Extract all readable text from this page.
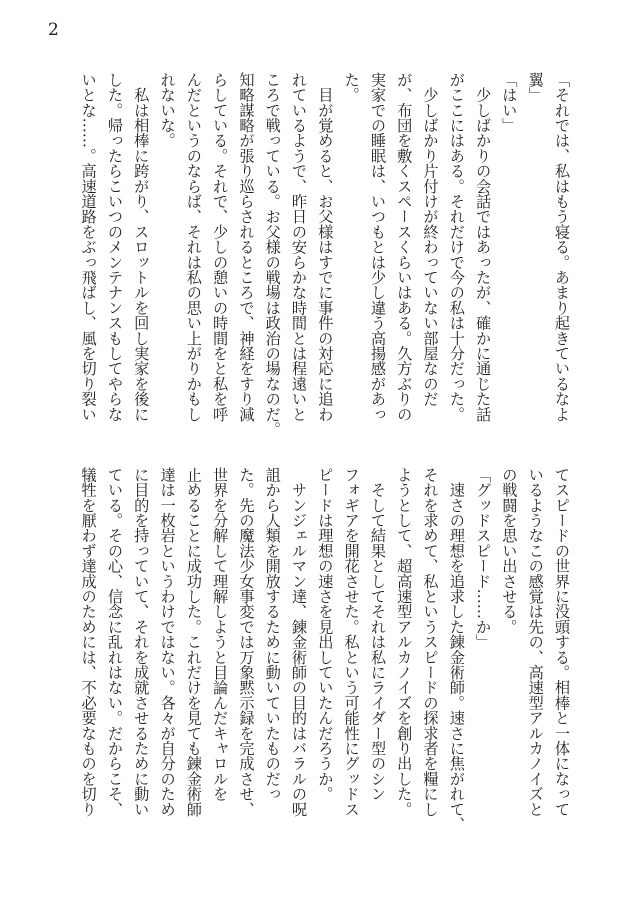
2
「それでは、私はもう寝る。あまり起きているなよ
翼」
「はい」
　少しばかりの会話ではあったが、確かに通じた話
がここにはある。それだけで今の私は十分だった。
　少しばかり片付けが終わっていない部屋なのだ
が、布団を敷くスペースくらいはある。久方ぶりの
実家での睡眠は、いつもとは少し違う高揚感があっ
た。
　目が覚めると、お父様はすでに事件の対応に追わ
れているようで、昨日の安らかな時間とは程遠いと
ころで戦っている。お父様の戦場は政治の場なのだ。
知略謀略が張り巡らされるところで、神経をすり減
らしている。それで、少しの憩いの時間をと私を呼
んだというのならば、それは私の思い上がりかもし
れないな。
　私は相棒に跨がり、スロットルを回し実家を後に
した。帰ったらこいつのメンテナンスもしてやらな
いとな……。高速道路をぶっ飛ばし、風を切り裂い
てスピードの世界に没頭する。相棒と一体になって
いるようなこの感覚は先の、高速型アルカノイズと
の戦闘を思い出させる。
「グッドスピード……か」
　速さの理想を追求した錬金術師。速さに焦がれて、
それを求めて、私というスピードの探求者を糧にし
ようとして、超高速型アルカノイズを創り出した。
　そして結果としてそれは私にライダー型のシン
フォギアを開花させた。私という可能性にグッドス
ピードは理想の速さを見出していたんだろうか。
　サンジェルマン達、錬金術師の目的はバラルの呪
詛から人類を開放するために動いていたものだっ
た。先の魔法少女事変では万象黙示録を完成させ、
世界を分解して理解しようと目論んだキャロルを
止めることに成功した。これだけを見ても錬金術師
達は一枚岩というわけではない。各々が自分のため
に目的を持っていて、それを成就させるために動い
ている。その心、信念に乱れはない。だからこそ、
犠牲を厭わず達成のためには、不必要なものを切り
